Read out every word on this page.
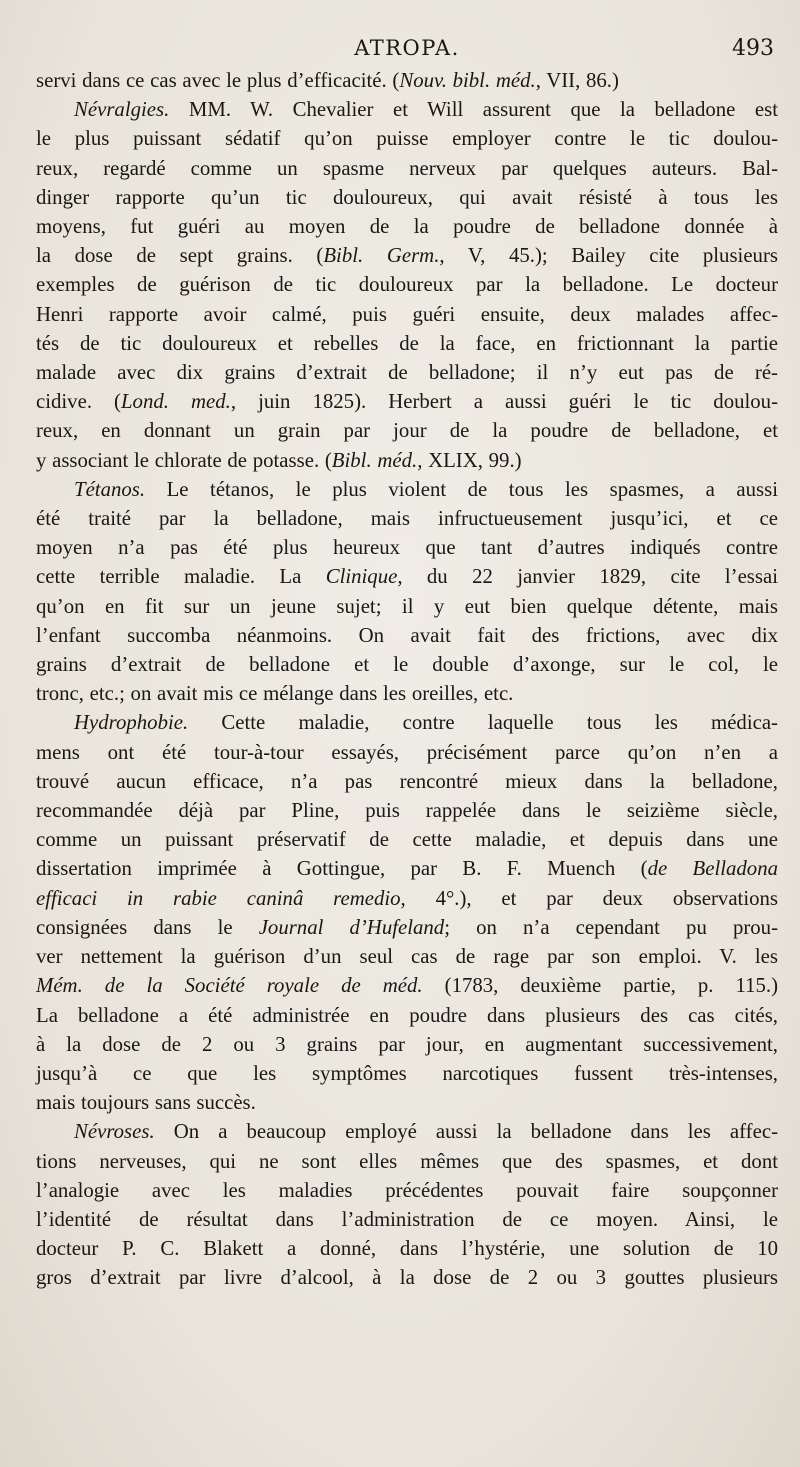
ATROPA.	493
servi dans ce cas avec le plus d’efficacité. (Nouv. bibl. méd., VII, 86.)
Névralgies. MM. W. Chevalier et Will assurent que la belladone est
le plus puissant sédatif qu’on puisse employer contre le tic doulou-
reux, regardé comme un spasme nerveux par quelques auteurs. Bal-
dinger rapporte qu’un tic douloureux, qui avait résisté à tous les
moyens, fut guéri au moyen de la poudre de belladone donnée à
la dose de sept grains. (Bibl. Germ., V, 45.); Bailey cite plusieurs
exemples de guérison de tic douloureux par la belladone. Le docteur
Henri rapporte avoir calmé, puis guéri ensuite, deux malades affec-
tés de tic douloureux et rebelles de la face, en frictionnant la partie
malade avec dix grains d’extrait de belladone; il n’y eut pas de ré-
cidive. (Lond. med., juin 1825). Herbert a aussi guéri le tic doulou-
reux, en donnant un grain par jour de la poudre de belladone, et
y associant le chlorate de potasse. (Bibl. méd., XLIX, 99.)
Tétanos. Le tétanos, le plus violent de tous les spasmes, a aussi
été traité par la belladone, mais infructueusement jusqu’ici, et ce
moyen n’a pas été plus heureux que tant d’autres indiqués contre
cette terrible maladie. La Clinique, du 22 janvier 1829, cite l’essai
qu’on en fit sur un jeune sujet; il y eut bien quelque détente, mais
l’enfant succomba néanmoins. On avait fait des frictions, avec dix
grains d’extrait de belladone et le double d’axonge, sur le col, le
tronc, etc.; on avait mis ce mélange dans les oreilles, etc.
Hydrophobie. Cette maladie, contre laquelle tous les médica-
mens ont été tour-à-tour essayés, précisément parce qu’on n’en a
trouvé aucun efficace, n’a pas rencontré mieux dans la belladone,
recommandée déjà par Pline, puis rappelée dans le seizième siècle,
comme un puissant préservatif de cette maladie, et depuis dans une
dissertation imprimée à Gottingue, par B. F. Muench (de Belladona
efficaci in rabie caninâ remedio, 4°.), et par deux observations
consignées dans le Journal d’Hufeland; on n’a cependant pu prou-
ver nettement la guérison d’un seul cas de rage par son emploi. V. les
Mém. de la Société royale de méd. (1783, deuxième partie, p. 115.)
La belladone a été administrée en poudre dans plusieurs des cas cités,
à la dose de 2 ou 3 grains par jour, en augmentant successivement,
jusqu’à ce que les symptômes narcotiques fussent très-intenses,
mais toujours sans succès.
Névroses. On a beaucoup employé aussi la belladone dans les affec-
tions nerveuses, qui ne sont elles mêmes que des spasmes, et dont
l’analogie avec les maladies précédentes pouvait faire soupçonner
l’identité de résultat dans l’administration de ce moyen. Ainsi, le
docteur P. C. Blakett a donné, dans l’hystérie, une solution de 10
gros d’extrait par livre d’alcool, à la dose de 2 ou 3 gouttes plusieurs
